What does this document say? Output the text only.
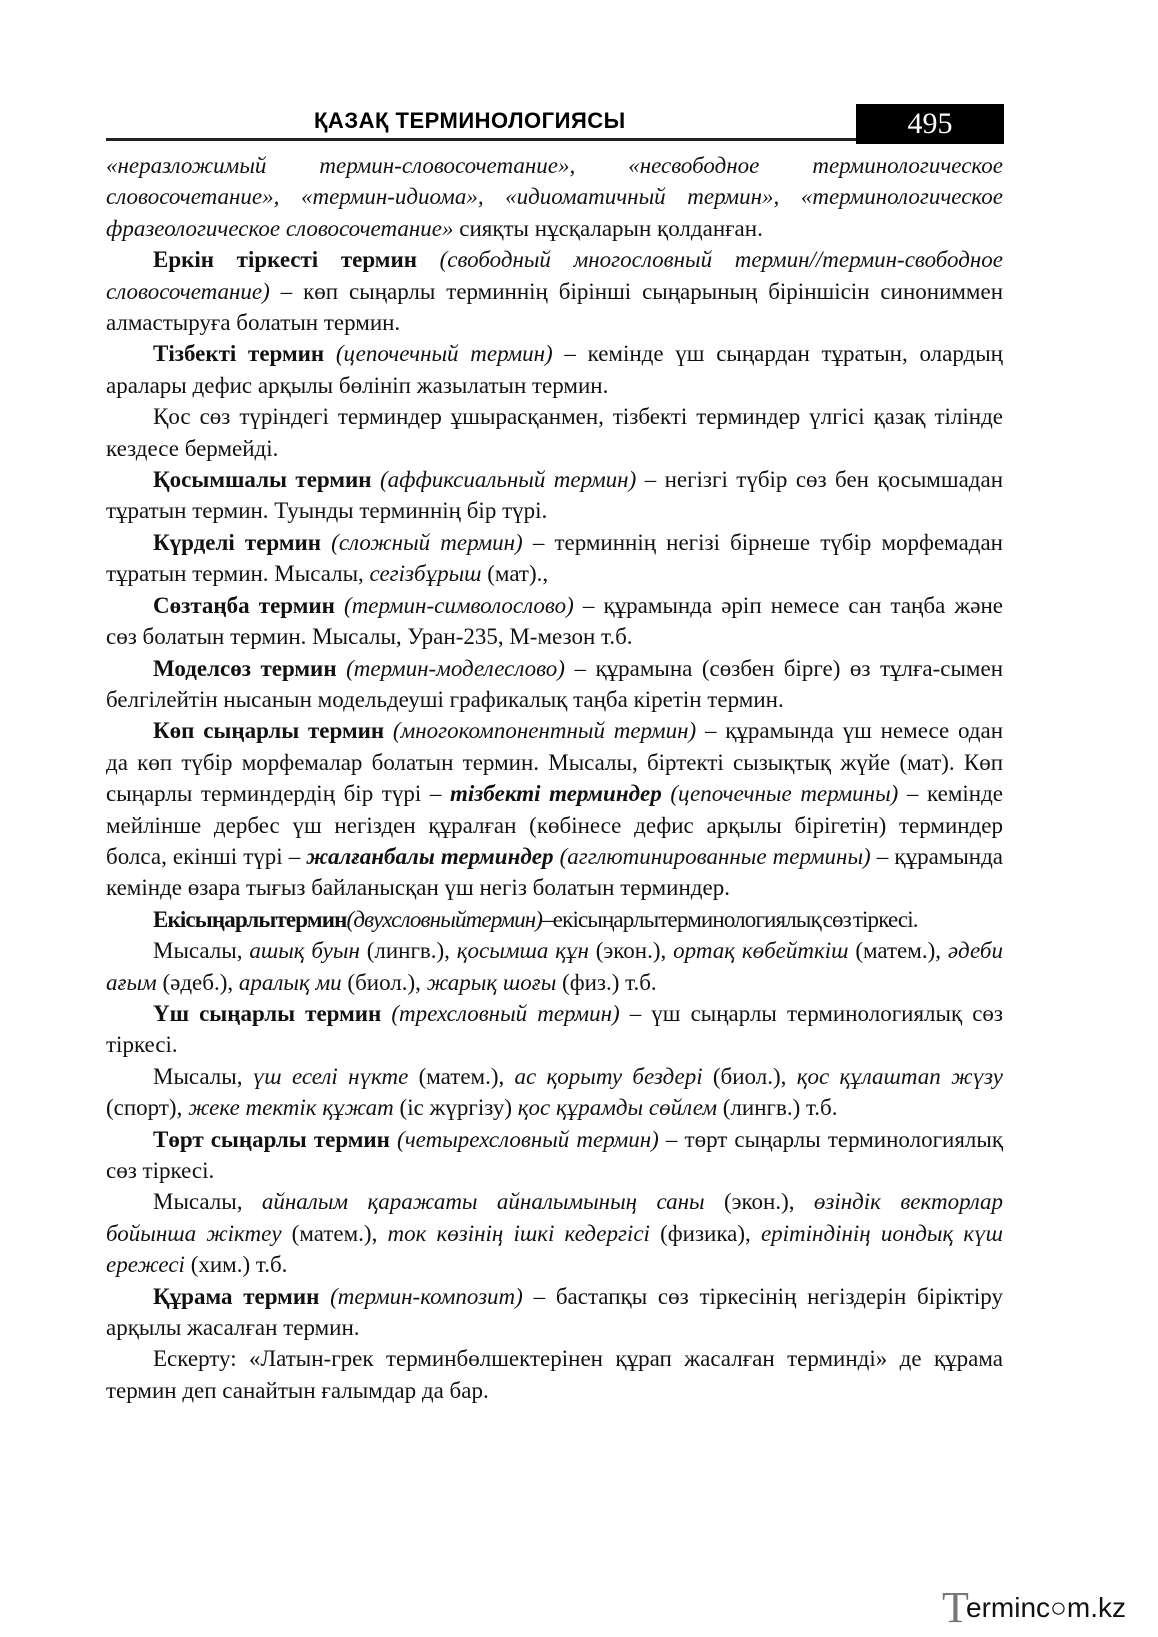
ҚАЗАҚ ТЕРМИНОЛОГИЯСЫ	495

«неразложимый термин-словосочетание», «несвободное терминологическое словосочетание», «термин-идиома», «идиоматичный термин», «терминологическое фразеологическое словосочетание» сияқты нұсқаларын қолданған.

Еркін тіркесті термин (свободный многословный термин//термин-свободное словосочетание) – көп сыңарлы терминнің біріншi сыңарының біріншісін синониммен алмастыруға болатын термин.

Тізбекті термин (цепочечный термин) – кемінде үш сыңардан тұратын, олардың аралары дефис арқылы бөлініп жазылатын термин.

Қос сөз түріндегі терминдер ұшырасқанмен, тізбекті терминдер үлгісі қазақ тілінде кездесе бермейді.

Қосымшалы термин (аффиксиальный термин) – негізгі түбір сөз бен қосымшадан тұратын термин. Туынды терминнің бір түрі.

Күрделі термин (сложный термин) – терминнің негізі бірнеше түбір морфемадан тұратын термин. Мысалы, сегізбұрыш (мат).,

Сөзтаңба термин (термин-символослово) – құрамында әріп немесе сан таңба және сөз болатын термин. Мысалы, Уран-235, М-мезон т.б.

Моделсөз термин (термин-моделеслово) – құрамына (сөзбен бірге) өз тұлға-сымен белгілейтін нысанын модельдеуші графикалық таңба кіретін термин.

Көп сыңарлы термин (многокомпонентный термин) – құрамында үш немесе одан да көп түбір морфемалар болатын термин. Мысалы, біртекті сызықтық жүйе (мат). Көп сыңарлы терминдердің бір түрі – тізбекті терминдер (цепочечные термины) – кемінде мейлінше дербес үш негізден құралған (көбінесе дефис арқылы бірігетін) терминдер болса, екінші түрі – жалғанбалы терминдер (агглютинированные термины) – құрамында кемінде өзара тығыз байланысқан үш негіз болатын терминдер.

Екісыңарлытермин(двухсловныйтермин)–екісыңарлытерминологиялық сөз тіркесі.

Мысалы, ашық буын (лингв.), қосымша құн (экон.), ортақ көбейткіш (матем.), әдеби ағым (әдеб.), аралық ми (биол.), жарық шоғы (физ.) т.б.

Үш сыңарлы термин (трехсловный термин) – үш сыңарлы терминологиялық сөз тіркесі.

Мысалы, үш еселі нүкте (матем.), ас қорыту бездері (биол.), қос құлаштап жүзу (спорт), жеке тектік құжат (іс жүргізу) қос құрамды сөйлем (лингв.) т.б.

Төрт сыңарлы термин (четырехсловный термин) – төрт сыңарлы терминологиялық сөз тіркесі.

Мысалы, айналым қаражаты айналымының саны (экон.), өзіндік векторлар бойынша жіктеу (матем.), ток көзінің ішкі кедергісі (физика), ерітіндінің иондық күш ережесі (хим.) т.б.

Құрама термин (термин-композит) – бастапқы сөз тіркесінің негіздерін біріктіру арқылы жасалған термин.

Ескерту: «Латын-грек терминбөлшектерінен құрап жасалған терминді» де құрама термин деп санайтын ғалымдар да бар.

T
erminc○m.kz
